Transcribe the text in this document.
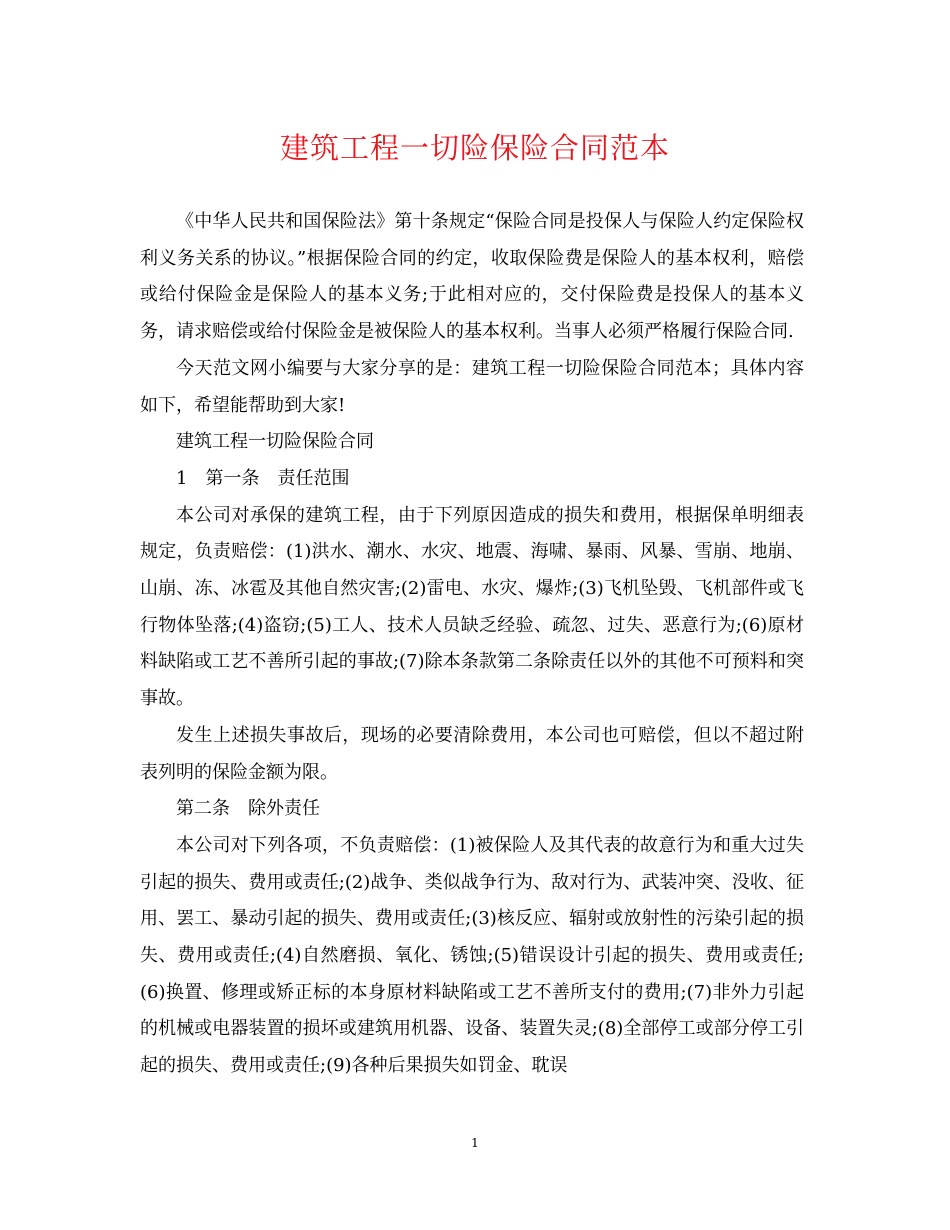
建筑工程一切险保险合同范本

《中华人民共和国保险法》第十条规定“保险合同是投保人与保险人约定保险权利义务关系的协议。”根据保险合同的约定，收取保险费是保险人的基本权利，赔偿或给付保险金是保险人的基本义务;于此相对应的，交付保险费是投保人的基本义务，请求赔偿或给付保险金是被保险人的基本权利。当事人必须严格履行保险合同.

今天范文网小编要与大家分享的是：建筑工程一切险保险合同范本；具体内容如下，希望能帮助到大家!

建筑工程一切险保险合同

1　第一条　责任范围

本公司对承保的建筑工程，由于下列原因造成的损失和费用，根据保单明细表规定，负责赔偿：(1)洪水、潮水、水灾、地震、海啸、暴雨、风暴、雪崩、地崩、山崩、冻、冰雹及其他自然灾害;(2)雷电、水灾、爆炸;(3)飞机坠毁、飞机部件或飞行物体坠落;(4)盗窃;(5)工人、技术人员缺乏经验、疏忽、过失、恶意行为;(6)原材料缺陷或工艺不善所引起的事故;(7)除本条款第二条除责任以外的其他不可预料和突事故。

发生上述损失事故后，现场的必要清除费用，本公司也可赔偿，但以不超过附表列明的保险金额为限。

第二条　除外责任

本公司对下列各项，不负责赔偿：(1)被保险人及其代表的故意行为和重大过失引起的损失、费用或责任;(2)战争、类似战争行为、敌对行为、武装冲突、没收、征用、罢工、暴动引起的损失、费用或责任;(3)核反应、辐射或放射性的污染引起的损失、费用或责任;(4)自然磨损、氧化、锈蚀;(5)错误设计引起的损失、费用或责任;(6)换置、修理或矫正标的本身原材料缺陷或工艺不善所支付的费用;(7)非外力引起的机械或电器装置的损坏或建筑用机器、设备、装置失灵;(8)全部停工或部分停工引起的损失、费用或责任;(9)各种后果损失如罚金、耽误

1
